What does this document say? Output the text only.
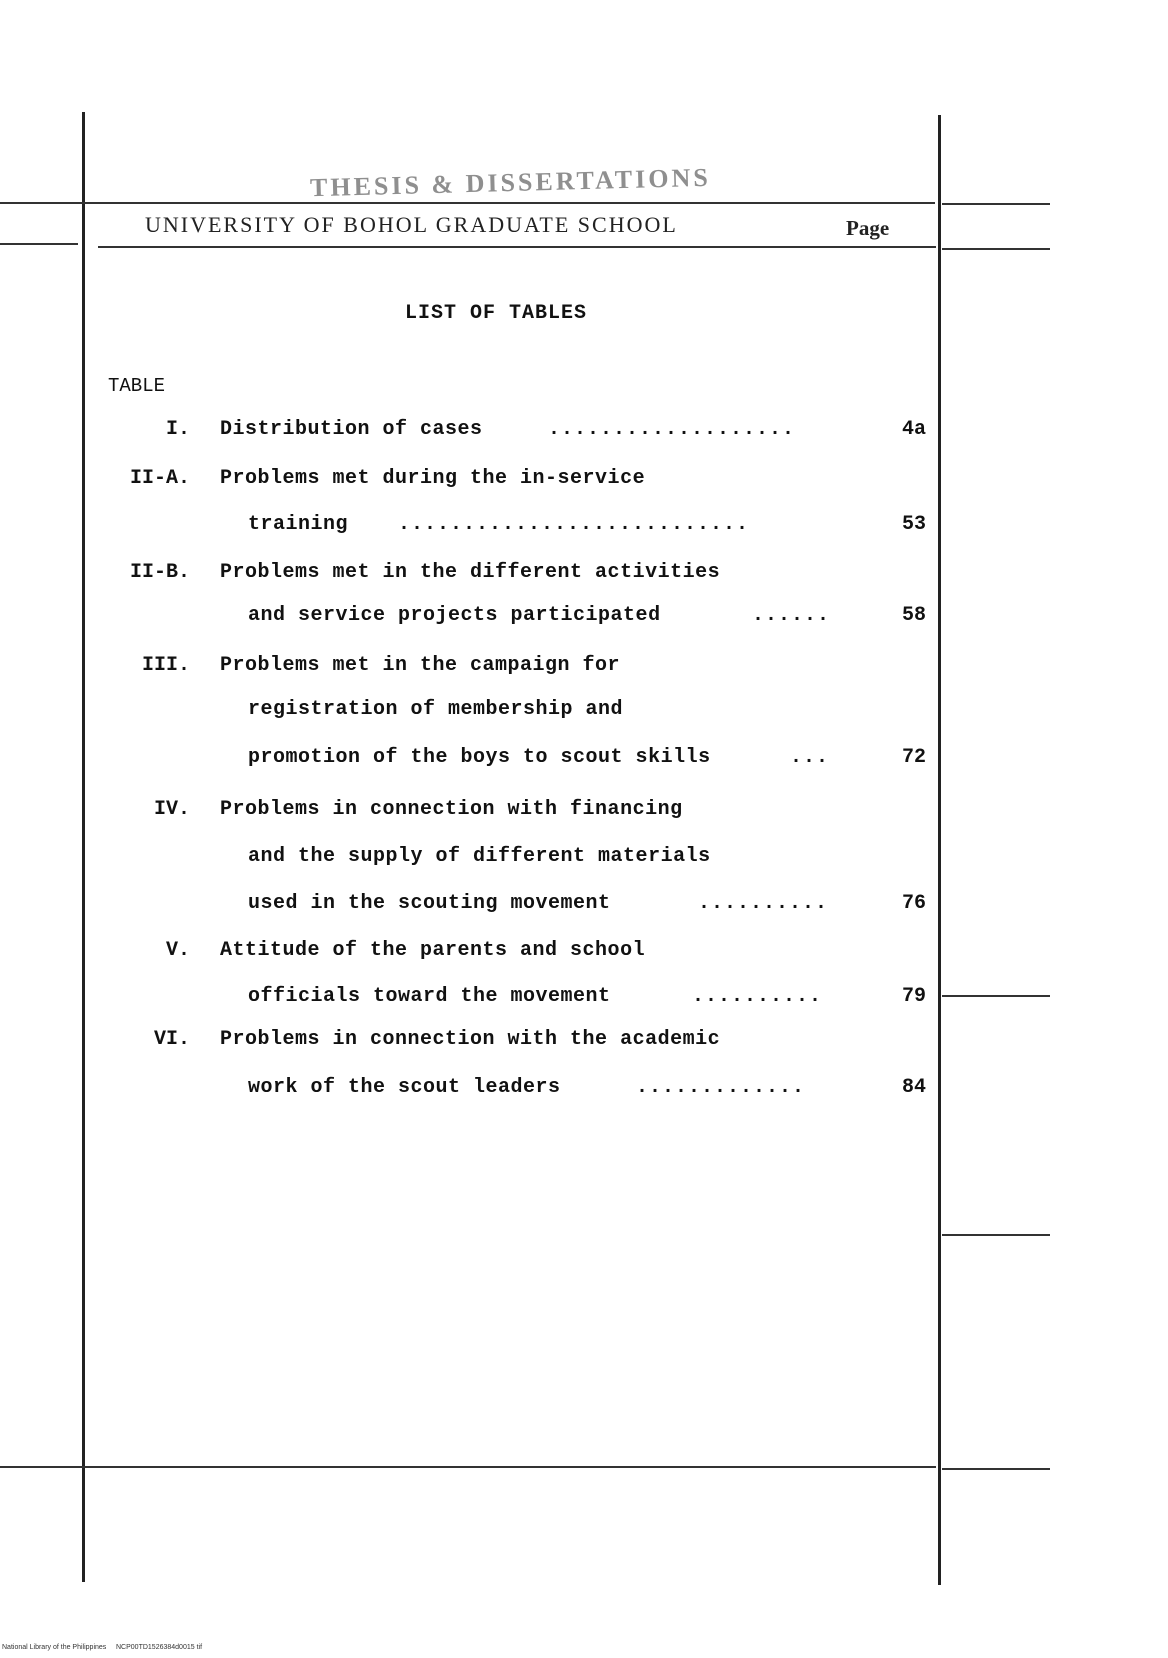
THESIS & DISSERTATIONS
UNIVERSITY OF BOHOL GRADUATE SCHOOL	Page
LIST OF TABLES
TABLE
I. Distribution of cases	...................	4a
II-A. Problems met during the in-service
training ...........................	53
II-B. Problems met in the different activities
and service projects participated	......	58
III. Problems met in the campaign for
registration of membership and
promotion of the boys to scout skills	...	72
IV. Problems in connection with financing
and the supply of different materials
used in the scouting movement	..........	76
V. Attitude of the parents and school
officials toward the movement	..........	79
VI. Problems in connection with the academic
work of the scout leaders	.............	84
National Library of the Philippines     NCP00TD1526384d0015 tif
